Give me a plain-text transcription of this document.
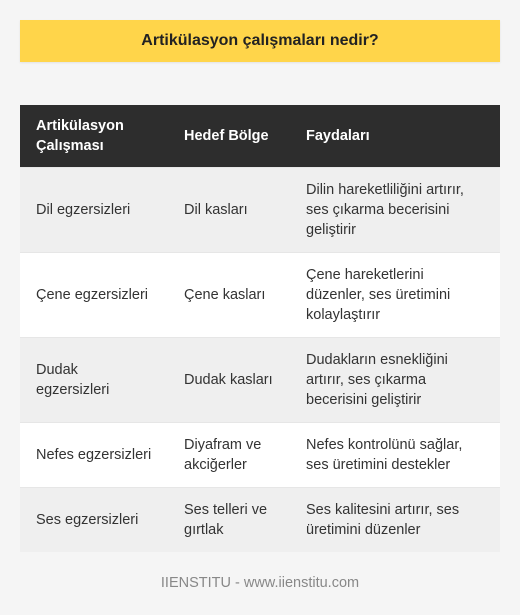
Artikülasyon çalışmaları nedir?
Artikülasyon Çalışması	Hedef Bölge	Faydaları
Dil egzersizleri	Dil kasları	Dilin hareketliliğini artırır, ses çıkarma becerisini geliştirir
Çene egzersizleri	Çene kasları	Çene hareketlerini düzenler, ses üretimini kolaylaştırır
Dudak egzersizleri	Dudak kasları	Dudakların esnekliğini artırır, ses çıkarma becerisini geliştirir
Nefes egzersizleri	Diyafram ve akciğerler	Nefes kontrolünü sağlar, ses üretimini destekler
Ses egzersizleri	Ses telleri ve gırtlak	Ses kalitesini artırır, ses üretimini düzenler
IIENSTITU - www.iienstitu.com
